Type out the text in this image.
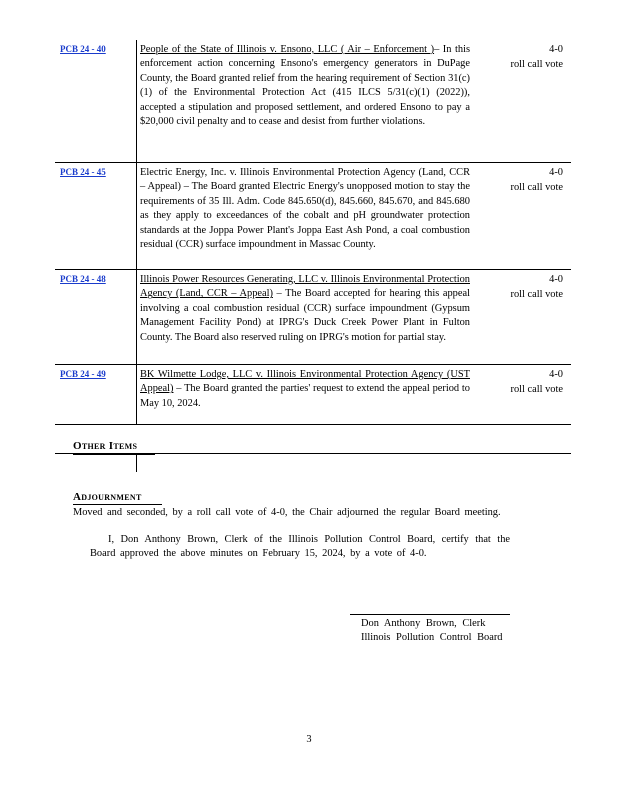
PCB 24 - 40	People of the State of Illinois v. Ensono, LLC ( Air – Enforcement )– In this enforcement action concerning Ensono's emergency generators in DuPage County, the Board granted relief from the hearing requirement of Section 31(c)(1) of the Environmental Protection Act (415 ILCS 5/31(c)(1) (2022)), accepted a stipulation and proposed settlement, and ordered Ensono to pay a $20,000 civil penalty and to cease and desist from further violations.
4-0
roll call vote
PCB 24 - 45	Electric Energy, Inc. v. Illinois Environmental Protection Agency (Land, CCR – Appeal) – The Board granted Electric Energy's unopposed motion to stay the requirements of 35 Ill. Adm. Code 845.650(d), 845.660, 845.670, and 845.680 as they apply to exceedances of the cobalt and pH groundwater protection standards at the Joppa Power Plant's Joppa East Ash Pond, a coal combustion residual (CCR) surface impoundment in Massac County.
4-0
roll call vote
PCB 24 - 48	Illinois Power Resources Generating, LLC v. Illinois Environmental Protection Agency (Land, CCR – Appeal) – The Board accepted for hearing this appeal involving a coal combustion residual (CCR) surface impoundment (Gypsum Management Facility Pond) at IPRG's Duck Creek Power Plant in Fulton County. The Board also reserved ruling on IPRG's motion for partial stay.
4-0
roll call vote
PCB 24 - 49	BK Wilmette Lodge, LLC v. Illinois Environmental Protection Agency (UST Appeal) – The Board granted the parties' request to extend the appeal period to May 10, 2024.
4-0
roll call vote
Other Items
Adjournment
Moved and seconded, by a roll call vote of 4-0, the Chair adjourned the regular Board meeting.
I, Don Anthony Brown, Clerk of the Illinois Pollution Control Board, certify that the Board approved the above minutes on February 15, 2024, by a vote of 4-0.
Don Anthony Brown, Clerk
Illinois Pollution Control Board
3
